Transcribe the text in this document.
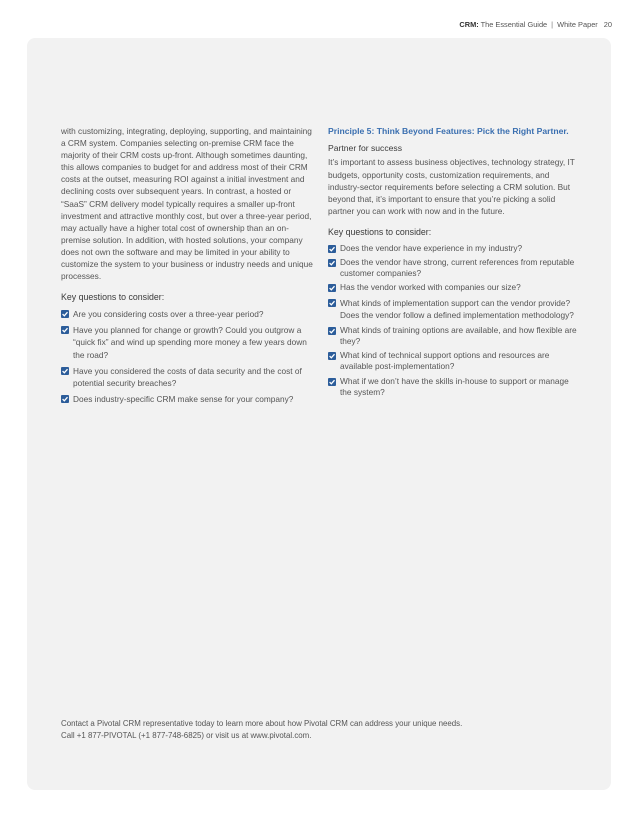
CRM: The Essential Guide | White Paper 20

with customizing, integrating, deploying, supporting, and maintaining a CRM system. Companies selecting on-premise CRM face the majority of their CRM costs up-front. Although sometimes daunting, this allows companies to budget for and address most of their CRM costs at the outset, measuring ROI against a initial investment and declining costs over subsequent years. In contrast, a hosted or “SaaS” CRM delivery model typically requires a smaller up-front investment and attractive monthly cost, but over a three-year period, may actually have a higher total cost of ownership than an on-premise solution. In addition, with hosted solutions, your company does not own the software and may be limited in your ability to customize the system to your business or industry needs and unique processes.

Key questions to consider:
Are you considering costs over a three-year period?
Have you planned for change or growth? Could you outgrow a “quick fix” and wind up spending more money a few years down the road?
Have you considered the costs of data security and the cost of potential security breaches?
Does industry-specific CRM make sense for your company?
Principle 5: Think Beyond Features: Pick the Right Partner.
Partner for success

It’s important to assess business objectives, technology strategy, IT budgets, opportunity costs, customization requirements, and industry-sector requirements before selecting a CRM solution. But beyond that, it’s important to ensure that you’re picking a solid partner you can work with now and in the future.

Key questions to consider:
Does the vendor have experience in my industry?
Does the vendor have strong, current references from reputable customer companies?
Has the vendor worked with companies our size?
What kinds of implementation support can the vendor provide? Does the vendor follow a defined implementation methodology?
What kinds of training options are available, and how flexible are they?
What kind of technical support options and resources are available post-implementation?
What if we don’t have the skills in-house to support or manage the system?
Contact a Pivotal CRM representative today to learn more about how Pivotal CRM can address your unique needs.
Call +1 877-PIVOTAL (+1 877-748-6825) or visit us at www.pivotal.com.
